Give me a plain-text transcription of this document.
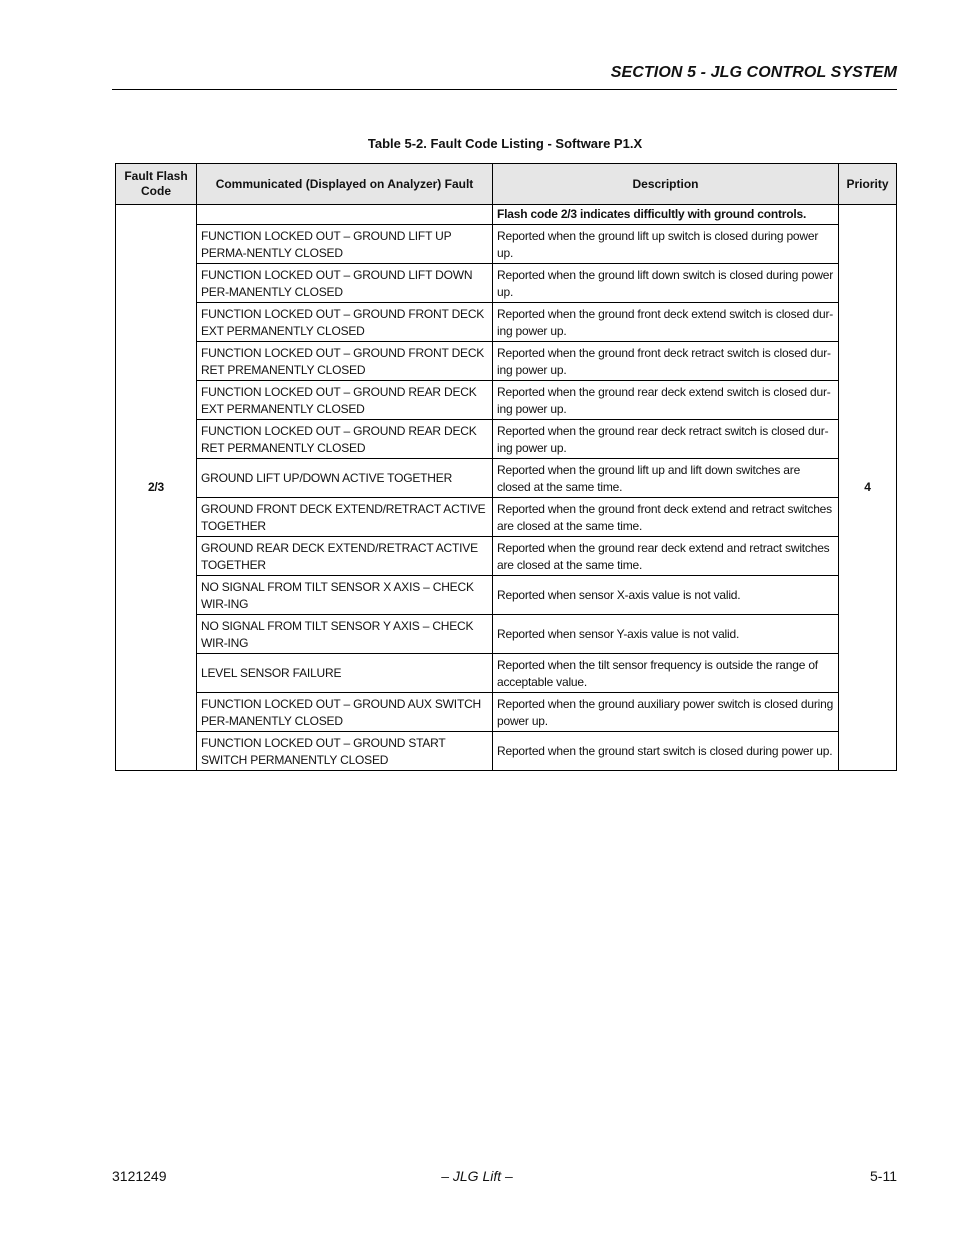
SECTION 5 - JLG CONTROL SYSTEM
Table 5-2. Fault Code Listing - Software P1.X
Fault Flash Code	Communicated (Displayed on Analyzer) Fault	Description	Priority
2/3		Flash code 2/3 indicates difficultly with ground controls.	4
	FUNCTION LOCKED OUT – GROUND LIFT UP PERMA-NENTLY CLOSED	Reported when the ground lift up switch is closed during power up.	
	FUNCTION LOCKED OUT – GROUND LIFT DOWN PER-MANENTLY CLOSED	Reported when the ground lift down switch is closed during power up.	
	FUNCTION LOCKED OUT – GROUND FRONT DECK EXT PERMANENTLY CLOSED	Reported when the ground front deck extend switch is closed dur-ing power up.	
	FUNCTION LOCKED OUT – GROUND FRONT DECK RET PREMANENTLY CLOSED	Reported when the ground front deck retract switch is closed dur-ing power up.	
	FUNCTION LOCKED OUT – GROUND REAR DECK EXT PERMANENTLY CLOSED	Reported when the ground rear deck extend switch is closed dur-ing power up.	
	FUNCTION LOCKED OUT – GROUND REAR DECK RET PERMANENTLY CLOSED	Reported when the ground rear deck retract switch is closed dur-ing power up.	
	GROUND LIFT UP/DOWN ACTIVE TOGETHER	Reported when the ground lift up and lift down switches are closed at the same time.	
	GROUND FRONT DECK EXTEND/RETRACT ACTIVE TOGETHER	Reported when the ground front deck extend and retract switches are closed at the same time.	
	GROUND REAR DECK EXTEND/RETRACT ACTIVE TOGETHER	Reported when the ground rear deck extend and retract switches are closed at the same time.	
	NO SIGNAL FROM TILT SENSOR X AXIS – CHECK WIR-ING	Reported when sensor X-axis value is not valid.	
	NO SIGNAL FROM TILT SENSOR Y AXIS – CHECK WIR-ING	Reported when sensor Y-axis value is not valid.	
	LEVEL SENSOR FAILURE	Reported when the tilt sensor frequency is outside the range of acceptable value.	
	FUNCTION LOCKED OUT – GROUND AUX SWITCH PER-MANENTLY CLOSED	Reported when the ground auxiliary power switch is closed during power up.	
	FUNCTION LOCKED OUT – GROUND START SWITCH PERMANENTLY CLOSED	Reported when the ground start switch is closed during power up.	
3121249	– JLG Lift –	5-11
